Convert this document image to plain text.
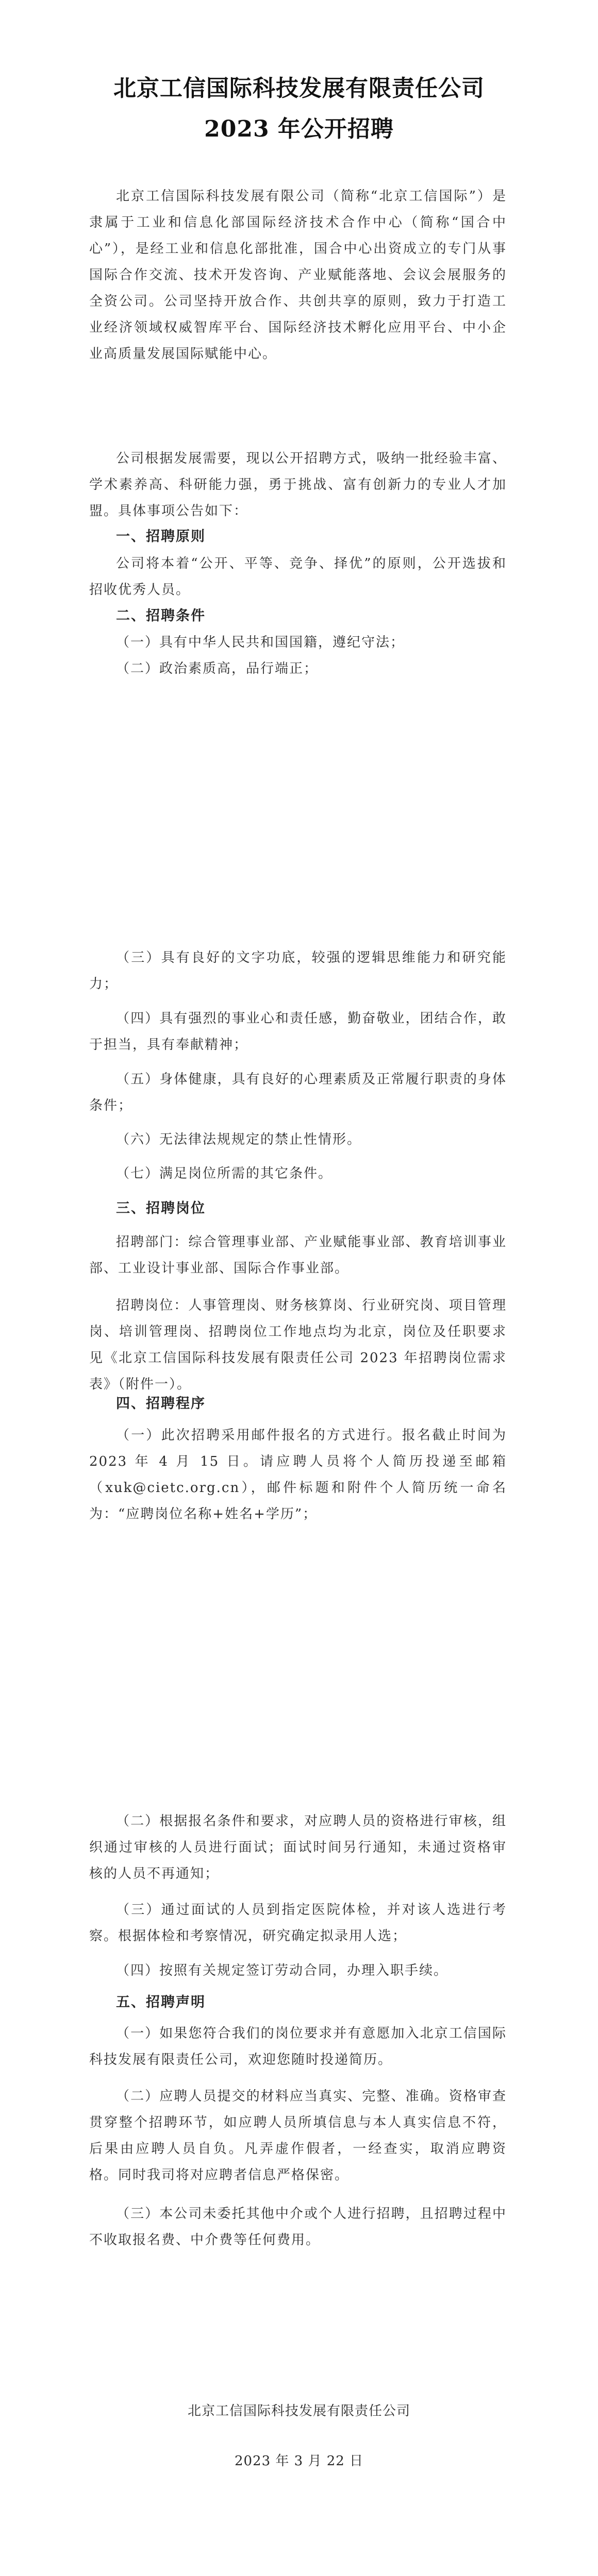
北京工信国际科技发展有限责任公司
2023 年公开招聘
北京工信国际科技发展有限公司（简称“北京工信国际”）是隶属于工业和信息化部国际经济技术合作中心（简称“国合中心”），是经工业和信息化部批准，国合中心出资成立的专门从事国际合作交流、技术开发咨询、产业赋能落地、会议会展服务的全资公司。公司坚持开放合作、共创共享的原则，致力于打造工业经济领域权威智库平台、国际经济技术孵化应用平台、中小企业高质量发展国际赋能中心。
公司根据发展需要，现以公开招聘方式，吸纳一批经验丰富、学术素养高、科研能力强，勇于挑战、富有创新力的专业人才加盟。具体事项公告如下：
一、招聘原则
公司将本着“公开、平等、竞争、择优”的原则，公开选拔和招收优秀人员。
二、招聘条件
（一）具有中华人民共和国国籍，遵纪守法；
（二）政治素质高，品行端正；
（三）具有良好的文字功底，较强的逻辑思维能力和研究能力；
（四）具有强烈的事业心和责任感，勤奋敬业，团结合作，敢于担当，具有奉献精神；
（五）身体健康，具有良好的心理素质及正常履行职责的身体条件；
（六）无法律法规规定的禁止性情形。
（七）满足岗位所需的其它条件。
三、招聘岗位
招聘部门：综合管理事业部、产业赋能事业部、教育培训事业部、工业设计事业部、国际合作事业部。
招聘岗位：人事管理岗、财务核算岗、行业研究岗、项目管理岗、培训管理岗、招聘岗位工作地点均为北京，岗位及任职要求见《北京工信国际科技发展有限责任公司 2023 年招聘岗位需求表》（附件一）。
四、招聘程序
（一）此次招聘采用邮件报名的方式进行。报名截止时间为 2023 年 4 月 15 日。请应聘人员将个人简历投递至邮箱（xuk@cietc.org.cn），邮件标题和附件个人简历统一命名为：“应聘岗位名称+姓名+学历”；
（二）根据报名条件和要求，对应聘人员的资格进行审核，组织通过审核的人员进行面试；面试时间另行通知，未通过资格审核的人员不再通知；
（三）通过面试的人员到指定医院体检，并对该人选进行考察。根据体检和考察情况，研究确定拟录用人选；
（四）按照有关规定签订劳动合同，办理入职手续。
五、招聘声明
（一）如果您符合我们的岗位要求并有意愿加入北京工信国际科技发展有限责任公司，欢迎您随时投递简历。
（二）应聘人员提交的材料应当真实、完整、准确。资格审查贯穿整个招聘环节，如应聘人员所填信息与本人真实信息不符，后果由应聘人员自负。凡弄虚作假者，一经查实，取消应聘资格。同时我司将对应聘者信息严格保密。
（三）本公司未委托其他中介或个人进行招聘，且招聘过程中不收取报名费、中介费等任何费用。
北京工信国际科技发展有限责任公司
2023 年 3 月 22 日
